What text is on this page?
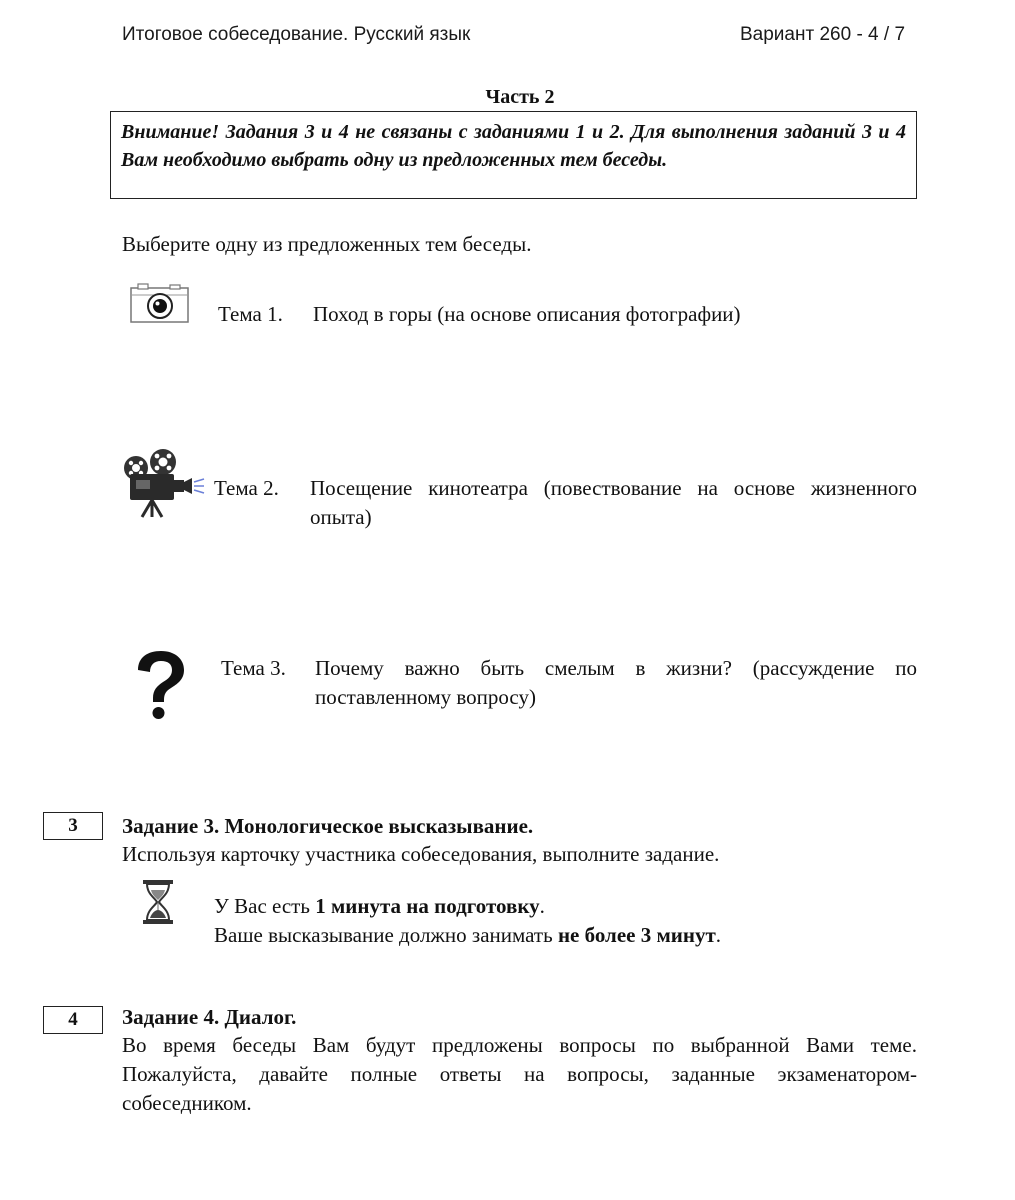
Итоговое собеседование. Русский язык	Вариант 260 - 4 / 7
Часть 2
Внимание! Задания 3 и 4 не связаны с заданиями 1 и 2. Для выполнения заданий 3 и 4 Вам необходимо выбрать одну из предложенных тем беседы.
Выберите одну из предложенных тем беседы.
Тема 1. Поход в горы (на основе описания фотографии)
Тема 2. Посещение кинотеатра (повествование на основе жизненного опыта)
Тема 3. Почему важно быть смелым в жизни? (рассуждение по поставленному вопросу)
3	Задание 3. Монологическое высказывание.
Используя карточку участника собеседования, выполните задание.
У Вас есть 1 минута на подготовку.
Ваше высказывание должно занимать не более 3 минут.
4	Задание 4. Диалог.
Во время беседы Вам будут предложены вопросы по выбранной Вами теме. Пожалуйста, давайте полные ответы на вопросы, заданные экзаменатором-собеседником.
